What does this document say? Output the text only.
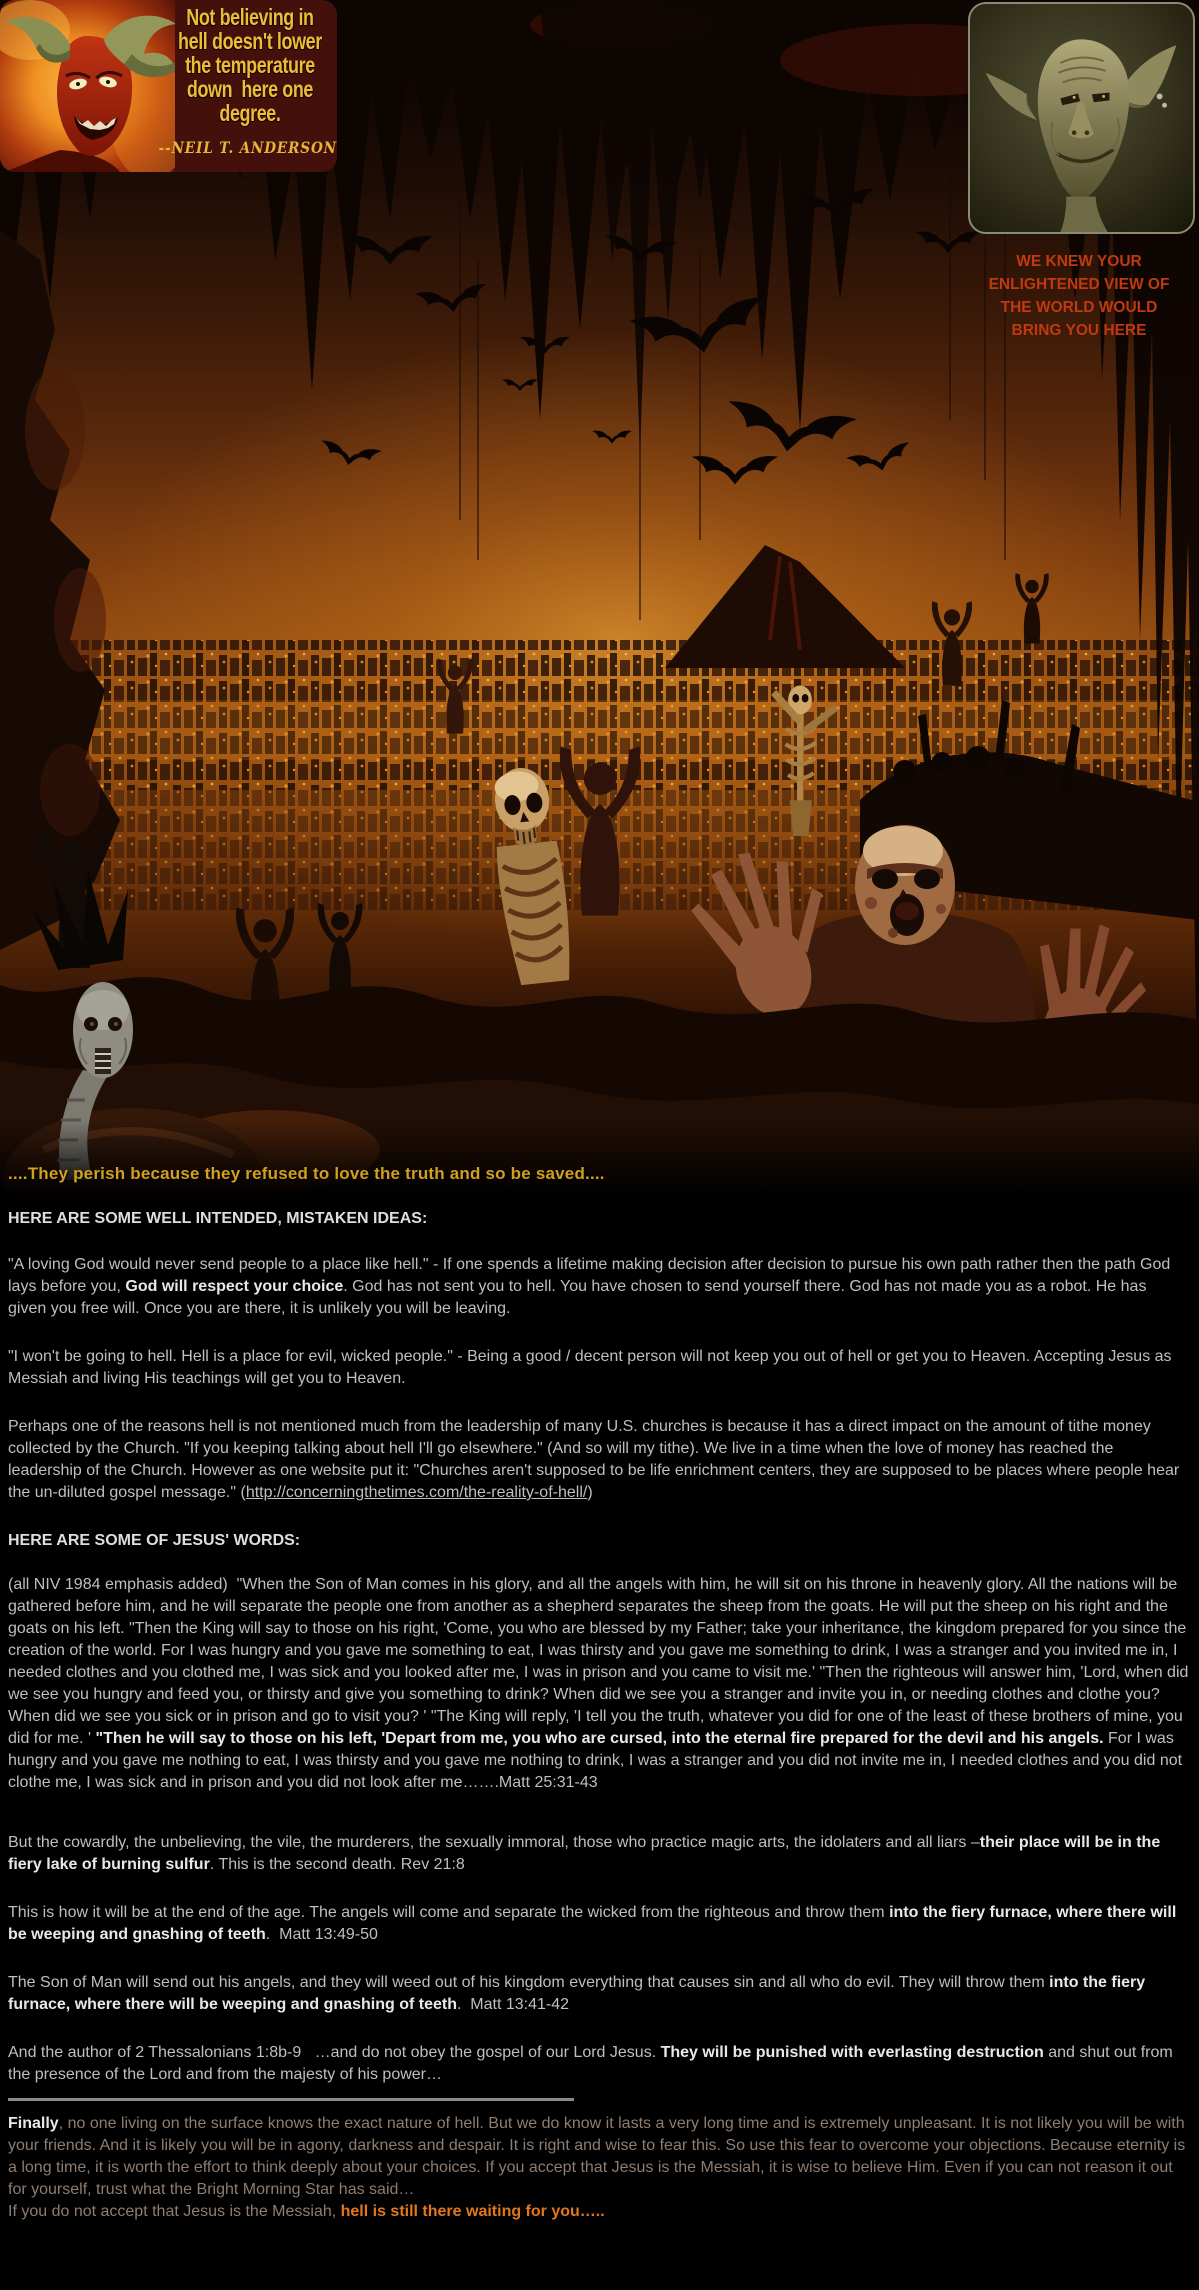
Not believing in
hell doesn't lower
the temperature
down  here one
degree.
--NEIL T. ANDERSON
WE KNEW YOUR
ENLIGHTENED VIEW OF
THE WORLD WOULD
BRING YOU HERE
....They perish because they refused to love the truth and so be saved....
HERE ARE SOME WELL INTENDED, MISTAKEN IDEAS:

"A loving God would never send people to a place like hell." - If one spends a lifetime making decision after decision to pursue his own path rather then the path God lays before you, God will respect your choice. God has not sent you to hell. You have chosen to send yourself there. God has not made you as a robot. He has given you free will. Once you are there, it is unlikely you will be leaving.

"I won't be going to hell. Hell is a place for evil, wicked people." - Being a good / decent person will not keep you out of hell or get you to Heaven. Accepting Jesus as Messiah and living His teachings will get you to Heaven.

Perhaps one of the reasons hell is not mentioned much from the leadership of many U.S. churches is because it has a direct impact on the amount of tithe money collected by the Church. "If you keeping talking about hell I'll go elsewhere." (And so will my tithe). We live in a time when the love of money has reached the leadership of the Church. However as one website put it: "Churches aren't supposed to be life enrichment centers, they are supposed to be places where people hear the un-diluted gospel message." (http://concerningthetimes.com/the-reality-of-hell/)

HERE ARE SOME OF JESUS' WORDS:

(all NIV 1984 emphasis added)  "When the Son of Man comes in his glory, and all the angels with him, he will sit on his throne in heavenly glory. All the nations will be gathered before him, and he will separate the people one from another as a shepherd separates the sheep from the goats. He will put the sheep on his right and the goats on his left. "Then the King will say to those on his right, 'Come, you who are blessed by my Father; take your inheritance, the kingdom prepared for you since the creation of the world. For I was hungry and you gave me something to eat, I was thirsty and you gave me something to drink, I was a stranger and you invited me in, I needed clothes and you clothed me, I was sick and you looked after me, I was in prison and you came to visit me.' "Then the righteous will answer him, 'Lord, when did we see you hungry and feed you, or thirsty and give you something to drink? When did we see you a stranger and invite you in, or needing clothes and clothe you? When did we see you sick or in prison and go to visit you? ' "The King will reply, 'I tell you the truth, whatever you did for one of the least of these brothers of mine, you did for me. ' "Then he will say to those on his left, 'Depart from me, you who are cursed, into the eternal fire prepared for the devil and his angels. For I was hungry and you gave me nothing to eat, I was thirsty and you gave me nothing to drink, I was a stranger and you did not invite me in, I needed clothes and you did not clothe me, I was sick and in prison and you did not look after me…….Matt 25:31-43

But the cowardly, the unbelieving, the vile, the murderers, the sexually immoral, those who practice magic arts, the idolaters and all liars –their place will be in the fiery lake of burning sulfur. This is the second death. Rev 21:8

This is how it will be at the end of the age. The angels will come and separate the wicked from the righteous and throw them into the fiery furnace, where there will be weeping and gnashing of teeth.  Matt 13:49-50

The Son of Man will send out his angels, and they will weed out of his kingdom everything that causes sin and all who do evil. They will throw them into the fiery furnace, where there will be weeping and gnashing of teeth.  Matt 13:41-42

And the author of 2 Thessalonians 1:8b-9   …and do not obey the gospel of our Lord Jesus. They will be punished with everlasting destruction and shut out from the presence of the Lord and from the majesty of his power…

Finally, no one living on the surface knows the exact nature of hell. But we do know it lasts a very long time and is extremely unpleasant. It is not likely you will be with your friends. And it is likely you will be in agony, darkness and despair. It is right and wise to fear this. So use this fear to overcome your objections. Because eternity is a long time, it is worth the effort to think deeply about your choices. If you accept that Jesus is the Messiah, it is wise to believe Him. Even if you can not reason it out for yourself, trust what the Bright Morning Star has said…
If you do not accept that Jesus is the Messiah, hell is still there waiting for you…..
